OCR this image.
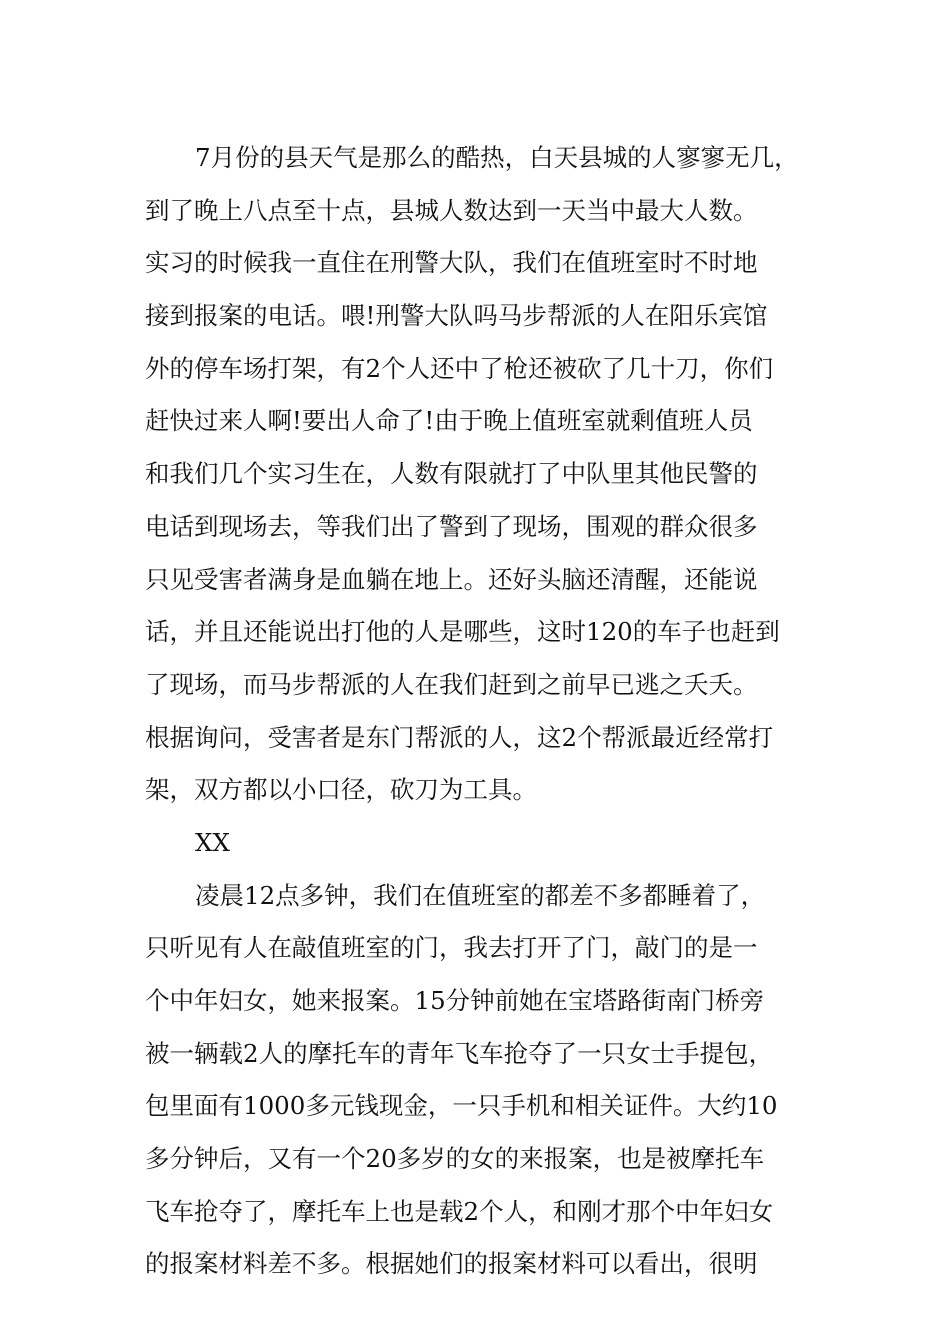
7月份的县天气是那么的酷热，白天县城的人寥寥无几，
到了晚上八点至十点，县城人数达到一天当中最大人数。
实习的时候我一直住在刑警大队，我们在值班室时不时地
接到报案的电话。喂!刑警大队吗马步帮派的人在阳乐宾馆
外的停车场打架，有2个人还中了枪还被砍了几十刀，你们
赶快过来人啊!要出人命了!由于晚上值班室就剩值班人员
和我们几个实习生在，人数有限就打了中队里其他民警的
电话到现场去，等我们出了警到了现场，围观的群众很多
只见受害者满身是血躺在地上。还好头脑还清醒，还能说
话，并且还能说出打他的人是哪些，这时120的车子也赶到
了现场，而马步帮派的人在我们赶到之前早已逃之夭夭。
根据询问，受害者是东门帮派的人，这2个帮派最近经常打
架，双方都以小口径，砍刀为工具。
XX
凌晨12点多钟，我们在值班室的都差不多都睡着了，
只听见有人在敲值班室的门，我去打开了门，敲门的是一
个中年妇女，她来报案。15分钟前她在宝塔路街南门桥旁
被一辆载2人的摩托车的青年飞车抢夺了一只女士手提包，
包里面有1000多元钱现金，一只手机和相关证件。大约10
多分钟后，又有一个20多岁的女的来报案，也是被摩托车
飞车抢夺了，摩托车上也是载2个人，和刚才那个中年妇女
的报案材料差不多。根据她们的报案材料可以看出，很明
